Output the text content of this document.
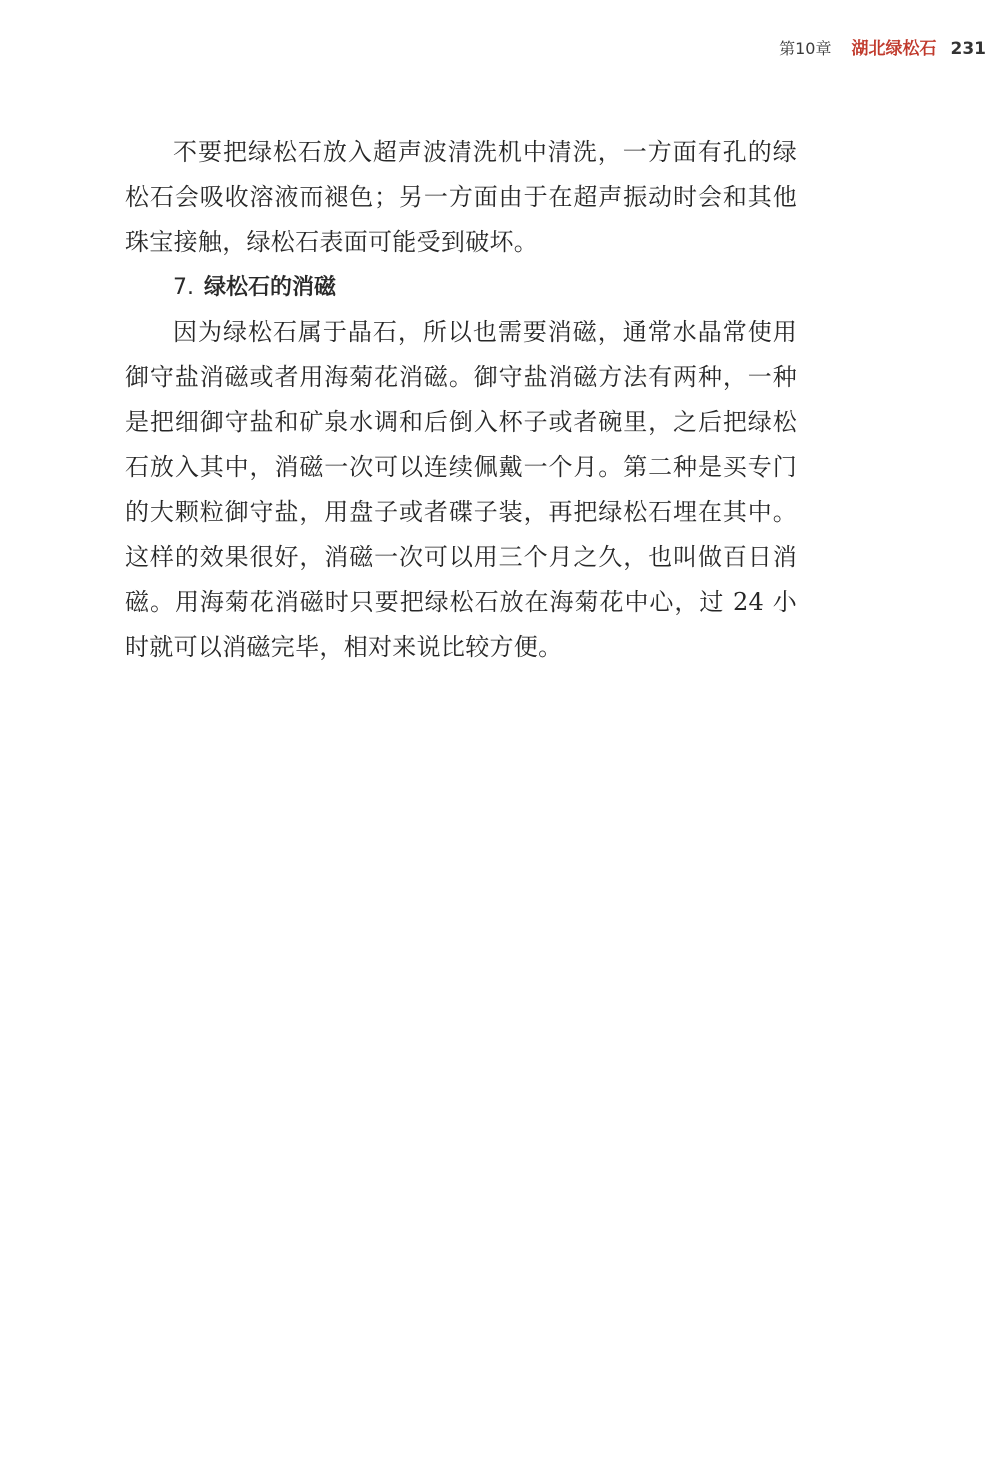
第10章 湖北绿松石 231

不要把绿松石放入超声波清洗机中清洗，一方面有孔的绿松石会吸收溶液而褪色；另一方面由于在超声振动时会和其他珠宝接触，绿松石表面可能受到破坏。

7. 绿松石的消磁

因为绿松石属于晶石，所以也需要消磁，通常水晶常使用御守盐消磁或者用海菊花消磁。御守盐消磁方法有两种，一种是把细御守盐和矿泉水调和后倒入杯子或者碗里，之后把绿松石放入其中，消磁一次可以连续佩戴一个月。第二种是买专门的大颗粒御守盐，用盘子或者碟子装，再把绿松石埋在其中。这样的效果很好，消磁一次可以用三个月之久，也叫做百日消磁。用海菊花消磁时只要把绿松石放在海菊花中心，过 24 小时就可以消磁完毕，相对来说比较方便。
